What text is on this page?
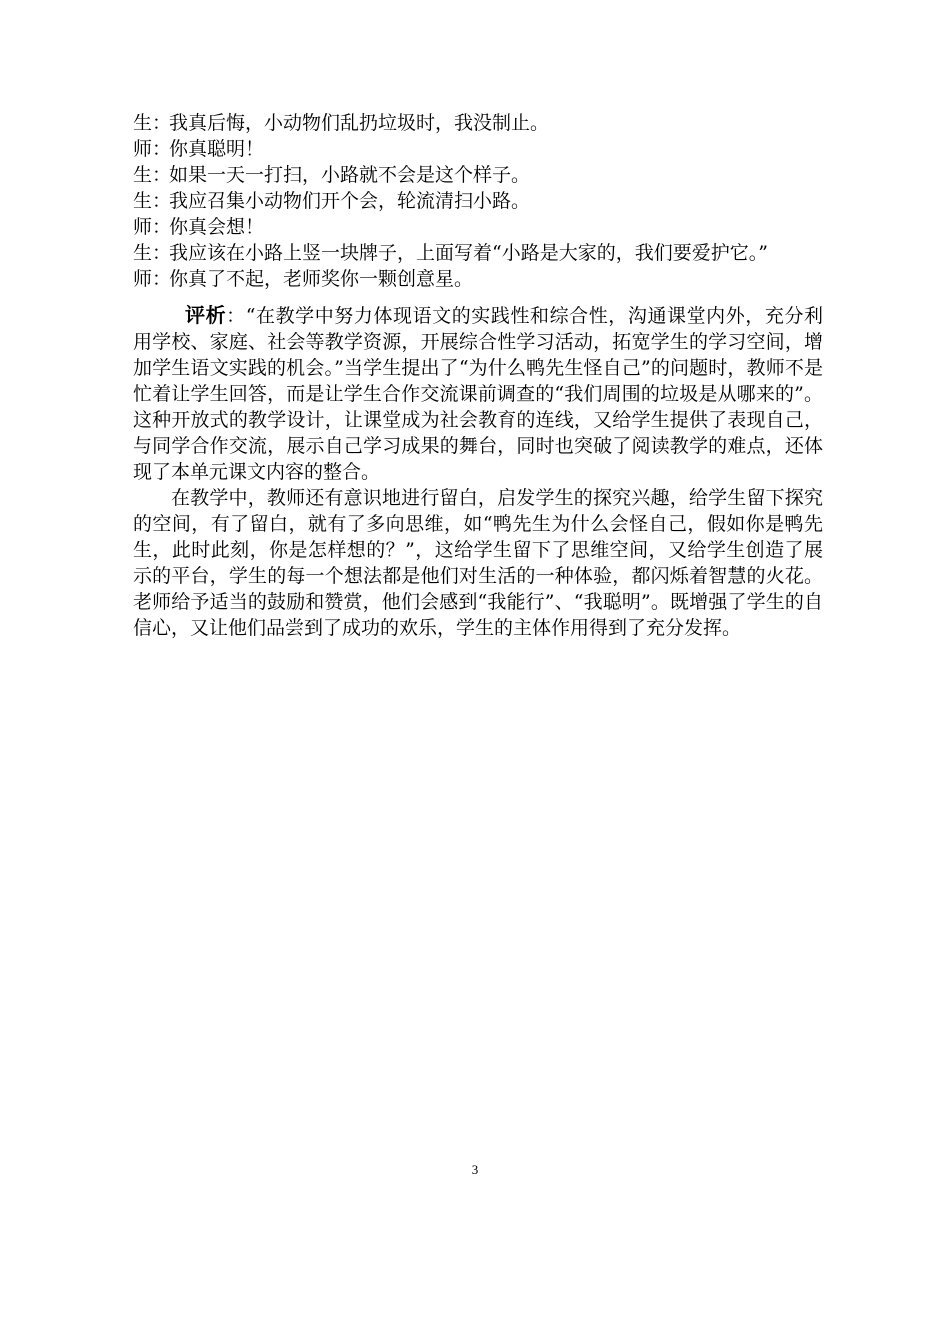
生：
我真后悔，小动物们乱扔垃圾时，我没制止。
师：
你真聪明！
生：
如果一天一打扫，小路就不会是这个样子。
生：
我应召集小动物们开个会，轮流清扫小路。
师：
你真会想！
生：
我应该在小路上竖一块牌子，上面写着“小路是大家的，我们要爱护它。”
师：
你真了不起，老师奖你一颗创意星。

评析：“在教学中努力体现语文的实践性和综合性，沟通课堂内外，充分利用学校、家庭、社会等教学资源，开展综合性学习活动，拓宽学生的学习空间，增加学生语文实践的机会。”当学生提出了“为什么鸭先生怪自己”的问题时，教师不是忙着让学生回答，而是让学生合作交流课前调查的“我们周围的垃圾是从哪来的”。这种开放式的教学设计，让课堂成为社会教育的连线，又给学生提供了表现自己，与同学合作交流，展示自己学习成果的舞台，同时也突破了阅读教学的难点，还体现了本单元课文内容的整合。

在教学中，教师还有意识地进行留白，启发学生的探究兴趣，给学生留下探究的空间，有了留白，就有了多向思维，如“鸭先生为什么会怪自己，假如你是鸭先生，此时此刻，你是怎样想的？”，这给学生留下了思维空间，又给学生创造了展示的平台，学生的每一个想法都是他们对生活的一种体验，都闪烁着智慧的火花。老师给予适当的鼓励和赞赏，他们会感到“我能行”、“我聪明”。既增强了学生的自信心，又让他们品尝到了成功的欢乐，学生的主体作用得到了充分发挥。

3
